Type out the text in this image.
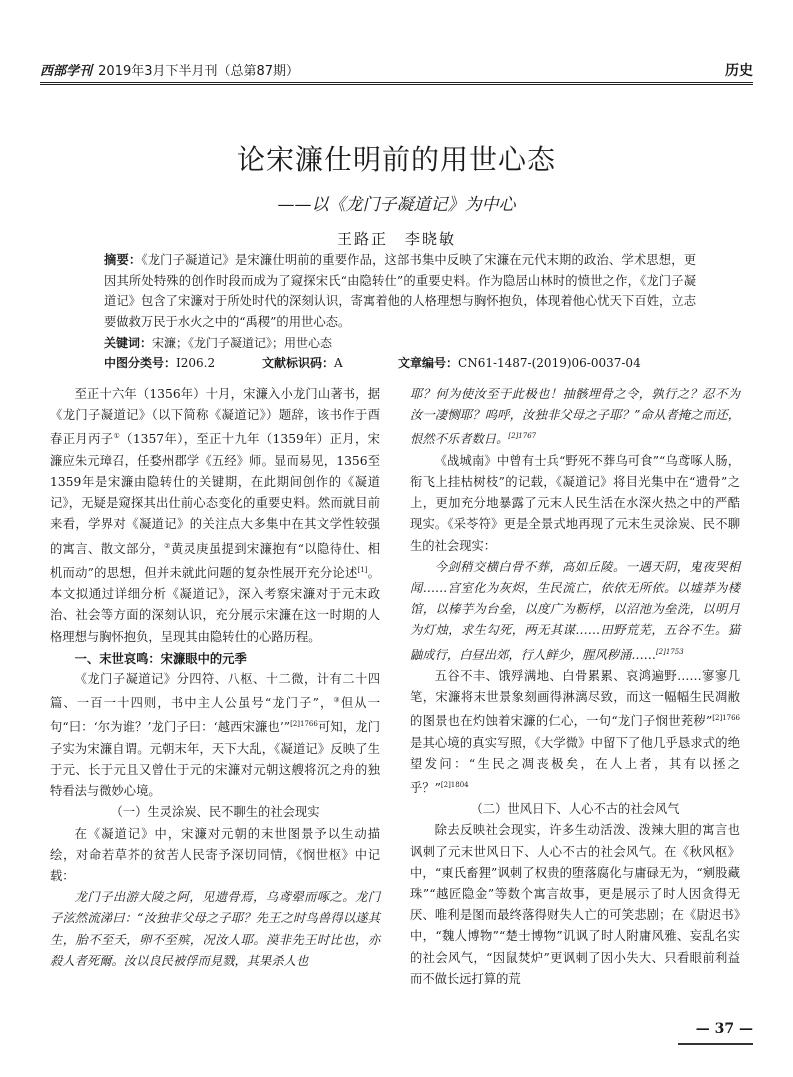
西部学刊 2019年3月下半月刊（总第87期）	历史
论宋濂仕明前的用世心态
——以《龙门子凝道记》为中心
王路正　李晓敏
摘要：《龙门子凝道记》是宋濂仕明前的重要作品，这部书集中反映了宋濂在元代末期的政治、学术思想，更因其所处特殊的创作时段而成为了窥探宋氏“由隐转仕”的重要史料。作为隐居山林时的愤世之作，《龙门子凝道记》包含了宋濂对于所处时代的深刻认识，寄寓着他的人格理想与胸怀抱负，体现着他心忧天下百姓，立志要做救万民于水火之中的“禹稷”的用世心态。
关键词：宋濂；《龙门子凝道记》；用世心态
中图分类号：I206.2	文献标识码：A	文章编号：CN61-1487-(2019)06-0037-04

至正十六年（1356年）十月，宋濂入小龙门山著书，据《龙门子凝道记》（以下简称《凝道记》）题辞，该书作于酉春正月丙子①（1357年），至正十九年（1359年）正月，宋濂应朱元璋召，任婺州郡学《五经》师。显而易见，1356至1359年是宋濂由隐转仕的关键期，在此期间创作的《凝道记》，无疑是窥探其出仕前心态变化的重要史料。然而就目前来看，学界对《凝道记》的关注点大多集中在其文学性较强的寓言、散文部分，②黄灵庚虽提到宋濂抱有“以隐待仕、相机而动”的思想，但并未就此问题的复杂性展开充分论述[1]。本文拟通过详细分析《凝道记》，深入考察宋濂对于元末政治、社会等方面的深刻认识，充分展示宋濂在这一时期的人格理想与胸怀抱负，呈现其由隐转仕的心路历程。

一、末世哀鸣：宋濂眼中的元季

《龙门子凝道记》分四符、八枢、十二微，计有二十四篇、一百一十四则，书中主人公虽号“龙门子”，③但从一句“曰：‘尔为谁？’龙门子曰：‘越西宋濂也’”$^{[2]1766}$可知，龙门子实为宋濂自谓。元朝末年，天下大乱，《凝道记》反映了生于元、长于元且又曾仕于元的宋濂对元朝这艘将沉之舟的独特看法与微妙心境。

（一）生灵涂炭、民不聊生的社会现实

在《凝道记》中，宋濂对元朝的末世图景予以生动描绘，对命若草芥的贫苦人民寄予深切同情，《悯世枢》中记载：

龙门子出游大陵之阿，见遗骨焉，乌鸢翚而啄之。龙门子泫然流涕曰：“汝独非父母之子耶？先王之时鸟兽得以遂其生，胎不至夭，卵不至殡，况汝人耶。漠非先王时比也，亦殺人者死爾。汝以良民被俘而見戮，其果杀人也

耶？何为使汝至于此极也！抽骸埋骨之令，孰行之？忍不为汝一凄恻耶？呜呼，汝独非父母之子耶？”命从者掩之而还，恨然不乐者数日。$^{[2]1767}$

《战城南》中曾有士兵“野死不葬乌可食”“乌鸢啄人肠，衔飞上挂枯树枝”的记载，《凝道记》将目光集中在“遗骨”之上，更加充分地暴露了元末人民生活在水深火热之中的严酷现实。《采苓符》更是全景式地再现了元末生灵涂炭、民不聊生的社会现实：

今剑稍交横白骨不葬，高如丘陵。一遇天阴，鬼夜哭相闻……宫室化为灰烬，生民流亡，依依无所依。以墟莽为楼馆，以榛芋为台垒，以度广为粝桴，以沼池为垒洗，以明月为灯烛，求生勾死，两无其谋……田野荒芜，五谷不生。猫鼬成行，白昼出郊，行人鲜少，腥风秽涌……$^{[2]1753}$

五谷不丰、饿殍满地、白骨累累、哀鸿遍野……寥寥几笔，宋濂将末世景象刻画得淋漓尽致，而这一幅幅生民凋敝的图景也在灼蚀着宋濂的仁心，一句“龙门子悯世茺秽”$^{[2]1766}$是其心境的真实写照，《大学微》中留下了他几乎恳求式的绝望发问：“生民之凋丧极矣，在人上者，其有以拯之乎？”$^{[2]1804}$

（二）世风日下、人心不古的社会风气

除去反映社会现实，许多生动活泼、泼辣大胆的寓言也讽刺了元末世风日下、人心不古的社会风气。在《秋风枢》中，“東氏畜狸”讽刺了权贵的堕落腐化与庸碌无为，“剜股藏珠”“越匠隐金”等数个寓言故事，更是展示了时人因贪得无厌、唯利是图而最终落得财失人亡的可笑悲剧；在《尉迟书》中，“魏人博物”“楚士博物”讥讽了时人附庸风雅、妄乱名实的社会风气，“因鼠焚炉”更讽刺了因小失大、只看眼前利益而不做长远打算的荒

— 37 —
